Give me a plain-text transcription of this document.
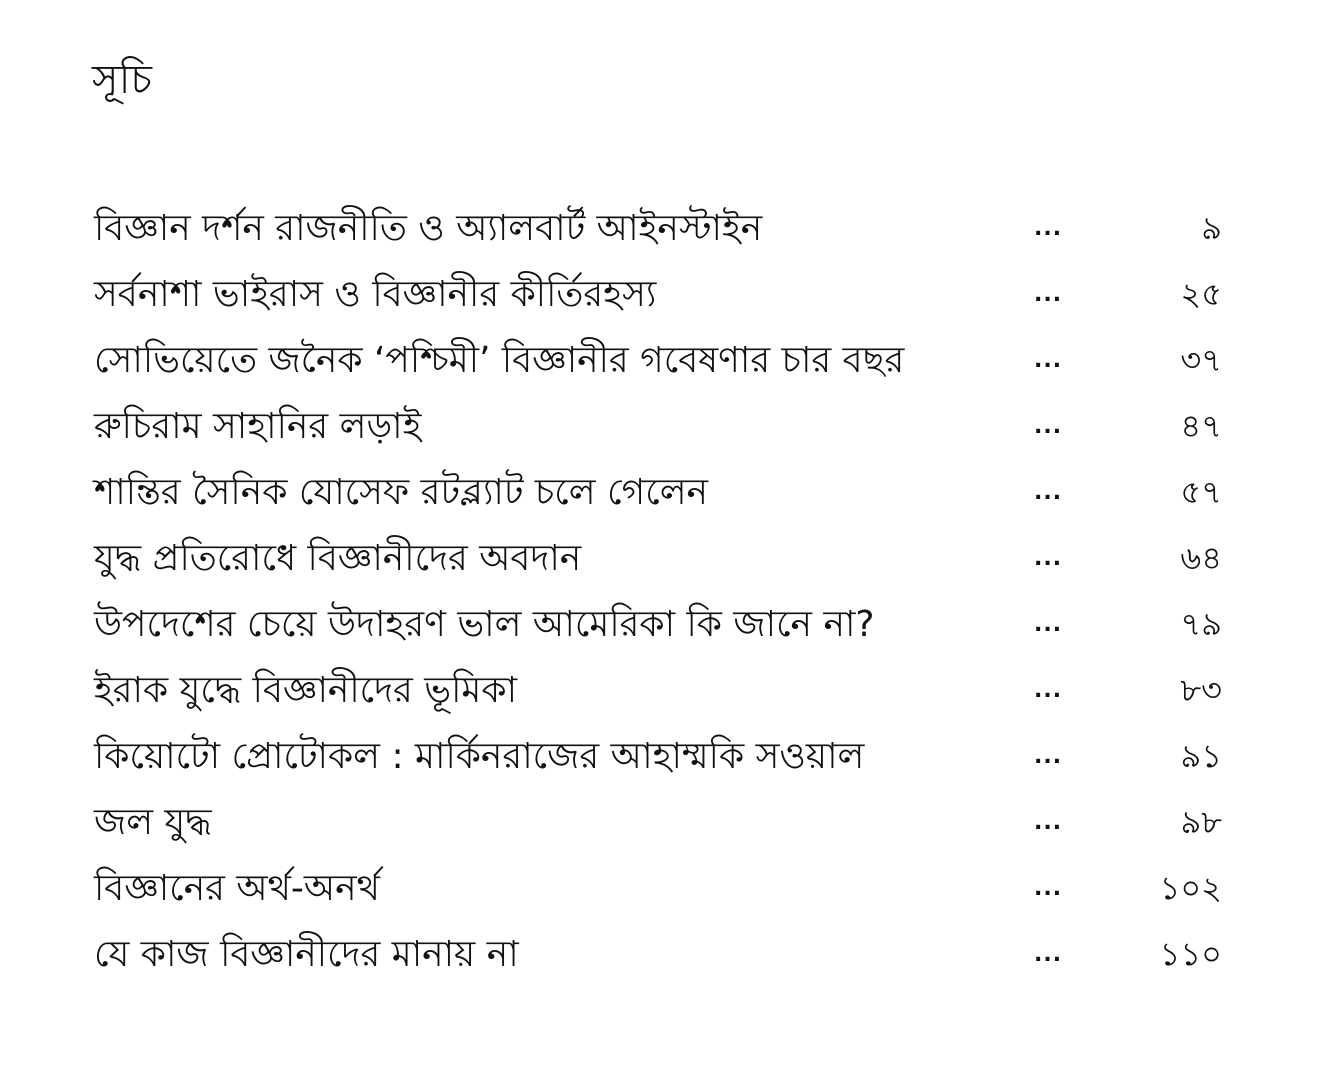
সূচি
বিজ্ঞান দর্শন রাজনীতি ও অ্যালবার্ট আইনস্টাইন	...	৯
সর্বনাশা ভাইরাস ও বিজ্ঞানীর কীর্তিরহস্য	...	২৫
সোভিয়েতে জনৈক ‘পশ্চিমী’ বিজ্ঞানীর গবেষণার চার বছর	...	৩৭
রুচিরাম সাহানির লড়াই	...	৪৭
শান্তির সৈনিক যোসেফ রটব্ল্যাট চলে গেলেন	...	৫৭
যুদ্ধ প্রতিরোধে বিজ্ঞানীদের অবদান	...	৬৪
উপদেশের চেয়ে উদাহরণ ভাল আমেরিকা কি জানে না?	...	৭৯
ইরাক যুদ্ধে বিজ্ঞানীদের ভূমিকা	...	৮৩
কিয়োটো প্রোটোকল : মার্কিনরাজের আহাম্মকি সওয়াল	...	৯১
জল যুদ্ধ	...	৯৮
বিজ্ঞানের অর্থ-অনর্থ	...	১০২
যে কাজ বিজ্ঞানীদের মানায় না	...	১১০
